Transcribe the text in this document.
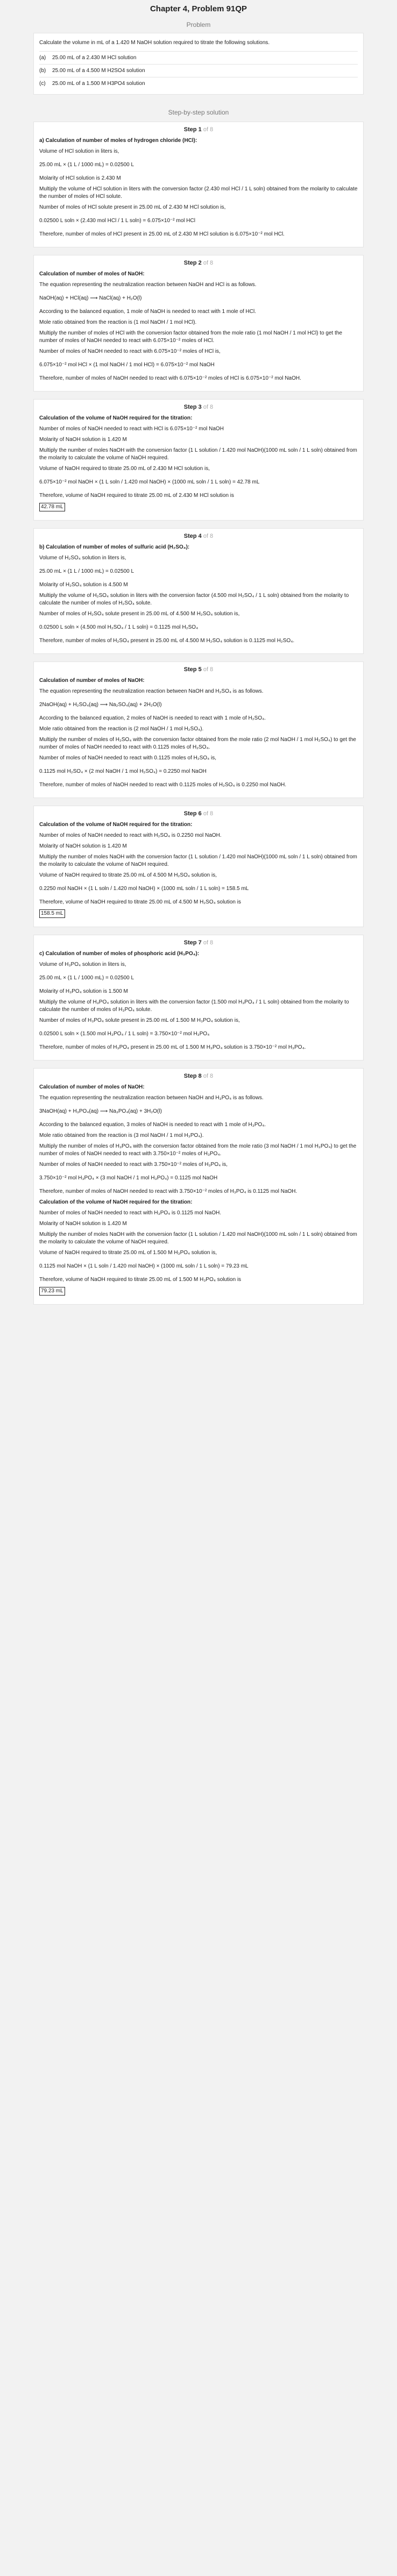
Chapter 4, Problem 91QP
Problem
Calculate the volume in mL of a 1.420 M NaOH solution required to titrate the following solutions.
(a) 25.00 mL of a 2.430 M HCl solution
(b) 25.00 mL of a 4.500 M H2SO4 solution
(c) 25.00 mL of a 1.500 M H3PO4 solution
Step-by-step solution
Step 1 of 8
a) Calculation of number of moles of hydrogen chloride (HCl):
Volume of HCl solution in liters is,
25.00 mL × (1 L / 1000 mL) = 0.02500 L
Molarity of HCl solution is 2.430 M
Multiply the volume of HCl solution in liters with the conversion factor (2.430 mol HCl / 1 L soln) obtained from the molarity to calculate the number of moles of HCl solute.
Number of moles of HCl solute present in 25.00 mL of 2.430 M HCl solution is,
0.02500 L soln × (2.430 mol HCl / 1 L soln) = 6.075×10⁻² mol HCl
Therefore, number of moles of HCl present in 25.00 mL of 2.430 M HCl solution is 6.075×10⁻² mol HCl.
Step 2 of 8
Calculation of number of moles of NaOH:
The equation representing the neutralization reaction between NaOH and HCl is as follows.
NaOH(aq) + HCl(aq) ⟶ NaCl(aq) + H₂O(l)
According to the balanced equation, 1 mole of NaOH is needed to react with 1 mole of HCl.
Mole ratio obtained from the reaction is (1 mol NaOH / 1 mol HCl).
Multiply the number of moles of HCl with the conversion factor obtained from the mole ratio (1 mol NaOH / 1 mol HCl) to get the number of moles of NaOH needed to react with 6.075×10⁻² moles of HCl.
Number of moles of NaOH needed to react with 6.075×10⁻² moles of HCl is,
6.075×10⁻² mol HCl × (1 mol NaOH / 1 mol HCl) = 6.075×10⁻² mol NaOH
Therefore, number of moles of NaOH needed to react with 6.075×10⁻² moles of HCl is 6.075×10⁻² mol NaOH.
Step 3 of 8
Calculation of the volume of NaOH required for the titration:
Number of moles of NaOH needed to react with HCl is 6.075×10⁻² mol NaOH
Molarity of NaOH solution is 1.420 M
Multiply the number of moles NaOH with the conversion factor (1 L solution / 1.420 mol NaOH)(1000 mL soln / 1 L soln) obtained from the molarity to calculate the volume of NaOH required.
Volume of NaOH required to titrate 25.00 mL of 2.430 M HCl solution is,
6.075×10⁻² mol NaOH × (1 L soln / 1.420 mol NaOH) × (1000 mL soln / 1 L soln) = 42.78 mL
Therefore, volume of NaOH required to titrate 25.00 mL of 2.430 M HCl solution is
42.78 mL
Step 4 of 8
b) Calculation of number of moles of sulfuric acid (H₂SO₄):
Volume of H₂SO₄ solution in liters is,
25.00 mL × (1 L / 1000 mL) = 0.02500 L
Molarity of H₂SO₄ solution is 4.500 M
Multiply the volume of H₂SO₄ solution in liters with the conversion factor (4.500 mol H₂SO₄ / 1 L soln) obtained from the molarity to calculate the number of moles of H₂SO₄ solute.
Number of moles of H₂SO₄ solute present in 25.00 mL of 4.500 M H₂SO₄ solution is,
0.02500 L soln × (4.500 mol H₂SO₄ / 1 L soln) = 0.1125 mol H₂SO₄
Therefore, number of moles of H₂SO₄ present in 25.00 mL of 4.500 M H₂SO₄ solution is 0.1125 mol H₂SO₄.
Step 5 of 8
Calculation of number of moles of NaOH:
The equation representing the neutralization reaction between NaOH and H₂SO₄ is as follows.
2NaOH(aq) + H₂SO₄(aq) ⟶ Na₂SO₄(aq) + 2H₂O(l)
According to the balanced equation, 2 moles of NaOH is needed to react with 1 mole of H₂SO₄.
Mole ratio obtained from the reaction is (2 mol NaOH / 1 mol H₂SO₄).
Multiply the number of moles of H₂SO₄ with the conversion factor obtained from the mole ratio (2 mol NaOH / 1 mol H₂SO₄) to get the number of moles of NaOH needed to react with 0.1125 moles of H₂SO₄.
Number of moles of NaOH needed to react with 0.1125 moles of H₂SO₄ is,
0.1125 mol H₂SO₄ × (2 mol NaOH / 1 mol H₂SO₄) = 0.2250 mol NaOH
Therefore, number of moles of NaOH needed to react with 0.1125 moles of H₂SO₄ is 0.2250 mol NaOH.
Step 6 of 8
Calculation of the volume of NaOH required for the titration:
Number of moles of NaOH needed to react with H₂SO₄ is 0.2250 mol NaOH.
Molarity of NaOH solution is 1.420 M
Multiply the number of moles NaOH with the conversion factor (1 L solution / 1.420 mol NaOH)(1000 mL soln / 1 L soln) obtained from the molarity to calculate the volume of NaOH required.
Volume of NaOH required to titrate 25.00 mL of 4.500 M H₂SO₄ solution is,
0.2250 mol NaOH × (1 L soln / 1.420 mol NaOH) × (1000 mL soln / 1 L soln) = 158.5 mL
Therefore, volume of NaOH required to titrate 25.00 mL of 4.500 M H₂SO₄ solution is
158.5 mL
Step 7 of 8
c) Calculation of number of moles of phosphoric acid (H₃PO₄):
Volume of H₃PO₄ solution in liters is,
25.00 mL × (1 L / 1000 mL) = 0.02500 L
Molarity of H₃PO₄ solution is 1.500 M
Multiply the volume of H₃PO₄ solution in liters with the conversion factor (1.500 mol H₃PO₄ / 1 L soln) obtained from the molarity to calculate the number of moles of H₃PO₄ solute.
Number of moles of H₃PO₄ solute present in 25.00 mL of 1.500 M H₃PO₄ solution is,
0.02500 L soln × (1.500 mol H₃PO₄ / 1 L soln) = 3.750×10⁻² mol H₃PO₄
Therefore, number of moles of H₃PO₄ present in 25.00 mL of 1.500 M H₃PO₄ solution is 3.750×10⁻² mol H₃PO₄.
Step 8 of 8
Calculation of number of moles of NaOH:
The equation representing the neutralization reaction between NaOH and H₃PO₄ is as follows.
3NaOH(aq) + H₃PO₄(aq) ⟶ Na₃PO₄(aq) + 3H₂O(l)
According to the balanced equation, 3 moles of NaOH is needed to react with 1 mole of H₃PO₄.
Mole ratio obtained from the reaction is (3 mol NaOH / 1 mol H₃PO₄).
Multiply the number of moles of H₃PO₄ with the conversion factor obtained from the mole ratio (3 mol NaOH / 1 mol H₃PO₄) to get the number of moles of NaOH needed to react with 3.750×10⁻² moles of H₃PO₄.
Number of moles of NaOH needed to react with 3.750×10⁻² moles of H₃PO₄ is,
3.750×10⁻² mol H₃PO₄ × (3 mol NaOH / 1 mol H₃PO₄) = 0.1125 mol NaOH
Therefore, number of moles of NaOH needed to react with 3.750×10⁻² moles of H₃PO₄ is 0.1125 mol NaOH.
Calculation of the volume of NaOH required for the titration:
Number of moles of NaOH needed to react with H₃PO₄ is 0.1125 mol NaOH.
Molarity of NaOH solution is 1.420 M
Multiply the number of moles NaOH with the conversion factor (1 L solution / 1.420 mol NaOH)(1000 mL soln / 1 L soln) obtained from the molarity to calculate the volume of NaOH required.
Volume of NaOH required to titrate 25.00 mL of 1.500 M H₃PO₄ solution is,
0.1125 mol NaOH × (1 L soln / 1.420 mol NaOH) × (1000 mL soln / 1 L soln) = 79.23 mL
Therefore, volume of NaOH required to titrate 25.00 mL of 1.500 M H₃PO₄ solution is
79.23 mL
